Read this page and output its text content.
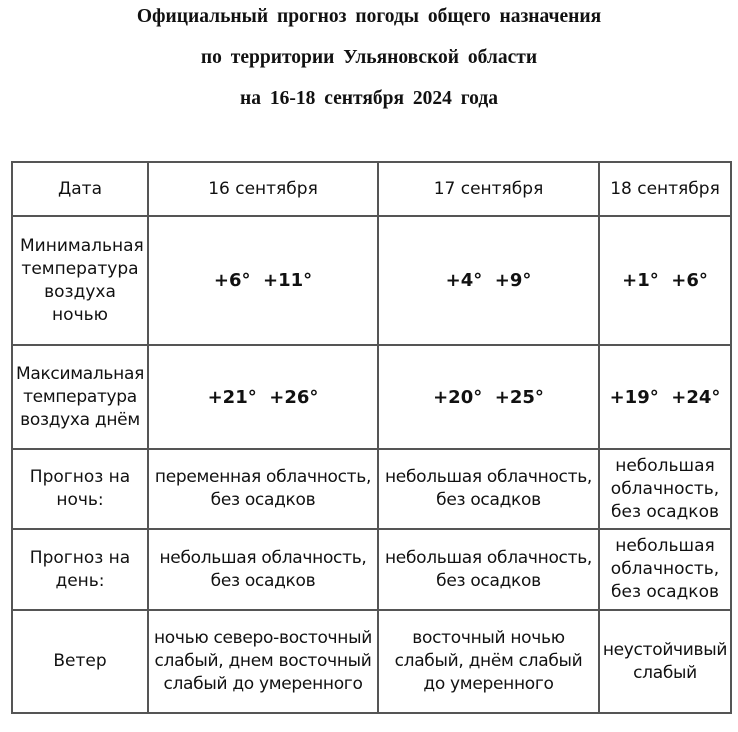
Официальный прогноз погоды общего назначения
по территории Ульяновской области
на 16-18 сентября 2024 года
Дата	16 сентября	17 сентября	18 сентября

Минимальная температура воздуха ночью	+6°  +11°	+4°  +9°	+1°  +6°

Максимальная температура воздуха днём	+21°  +26°	+20°  +25°	+19°  +24°

Прогноз на ночь:	переменная облачность, без осадков	небольшая облачность, без осадков	небольшая облачность, без осадков

Прогноз на день:	небольшая облачность, без осадков	небольшая облачность, без осадков	небольшая облачность, без осадков

Ветер	ночью северо-восточный слабый, днем восточный слабый до умеренного	восточный ночью слабый, днём слабый до умеренного	неустойчивый слабый
